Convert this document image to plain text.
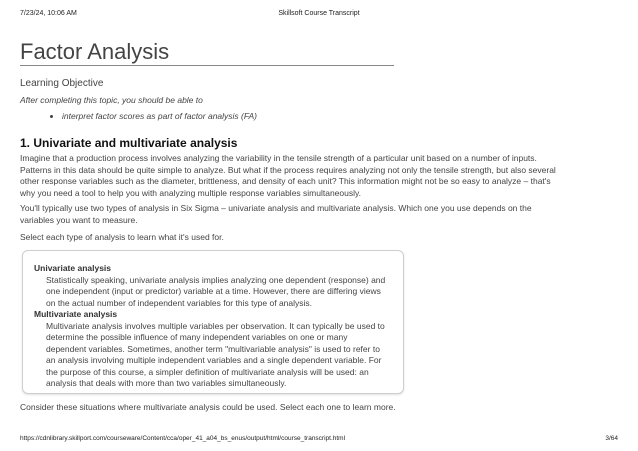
7/23/24, 10:06 AM	Skillsoft Course Transcript
Factor Analysis
Learning Objective
After completing this topic, you should be able to
interpret factor scores as part of factor analysis (FA)
1. Univariate and multivariate analysis
Imagine that a production process involves analyzing the variability in the tensile strength of a particular unit based on a number of inputs. Patterns in this data should be quite simple to analyze. But what if the process requires analyzing not only the tensile strength, but also several other response variables such as the diameter, brittleness, and density of each unit? This information might not be so easy to analyze – that's why you need a tool to help you with analyzing multiple response variables simultaneously.
You'll typically use two types of analysis in Six Sigma – univariate analysis and multivariate analysis. Which one you use depends on the variables you want to measure.
Select each type of analysis to learn what it's used for.
Univariate analysis
Statistically speaking, univariate analysis implies analyzing one dependent (response) and one independent (input or predictor) variable at a time. However, there are differing views on the actual number of independent variables for this type of analysis.
Multivariate analysis
Multivariate analysis involves multiple variables per observation. It can typically be used to determine the possible influence of many independent variables on one or many dependent variables. Sometimes, another term "multivariable analysis" is used to refer to an analysis involving multiple independent variables and a single dependent variable. For the purpose of this course, a simpler definition of multivariate analysis will be used: an analysis that deals with more than two variables simultaneously.
Consider these situations where multivariate analysis could be used. Select each one to learn more.
https://cdnlibrary.skillport.com/courseware/Content/cca/oper_41_a04_bs_enus/output/html/course_transcript.html	3/64
